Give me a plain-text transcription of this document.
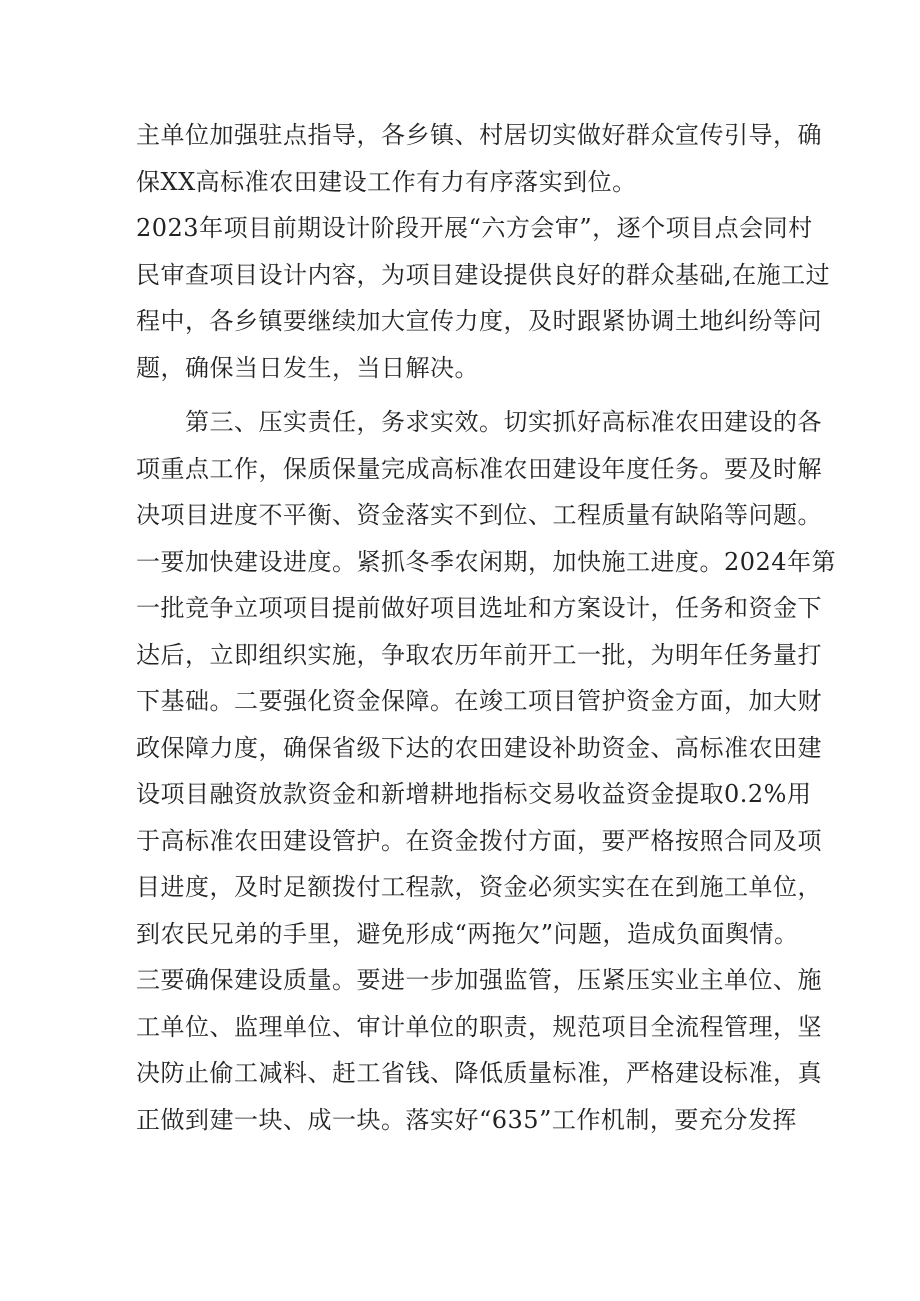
主单位加强驻点指导，各乡镇、村居切实做好群众宣传引导，确
保XX高标准农田建设工作有力有序落实到位。
2023年项目前期设计阶段开展“六方会审”，逐个项目点会同村
民审查项目设计内容，为项目建设提供良好的群众基础,在施工过
程中，各乡镇要继续加大宣传力度，及时跟紧协调土地纠纷等问
题，确保当日发生，当日解决。
　　第三、压实责任，务求实效。切实抓好高标准农田建设的各
项重点工作，保质保量完成高标准农田建设年度任务。要及时解
决项目进度不平衡、资金落实不到位、工程质量有缺陷等问题。
一要加快建设进度。紧抓冬季农闲期，加快施工进度。2024年第
一批竞争立项项目提前做好项目选址和方案设计，任务和资金下
达后，立即组织实施，争取农历年前开工一批，为明年任务量打
下基础。二要强化资金保障。在竣工项目管护资金方面，加大财
政保障力度，确保省级下达的农田建设补助资金、高标准农田建
设项目融资放款资金和新增耕地指标交易收益资金提取0.2%用
于高标准农田建设管护。在资金拨付方面，要严格按照合同及项
目进度，及时足额拨付工程款，资金必须实实在在到施工单位，
到农民兄弟的手里，避免形成“两拖欠”问题，造成负面舆情。
三要确保建设质量。要进一步加强监管，压紧压实业主单位、施
工单位、监理单位、审计单位的职责，规范项目全流程管理，坚
决防止偷工减料、赶工省钱、降低质量标准，严格建设标准，真
正做到建一块、成一块。落实好“635”工作机制，要充分发挥
